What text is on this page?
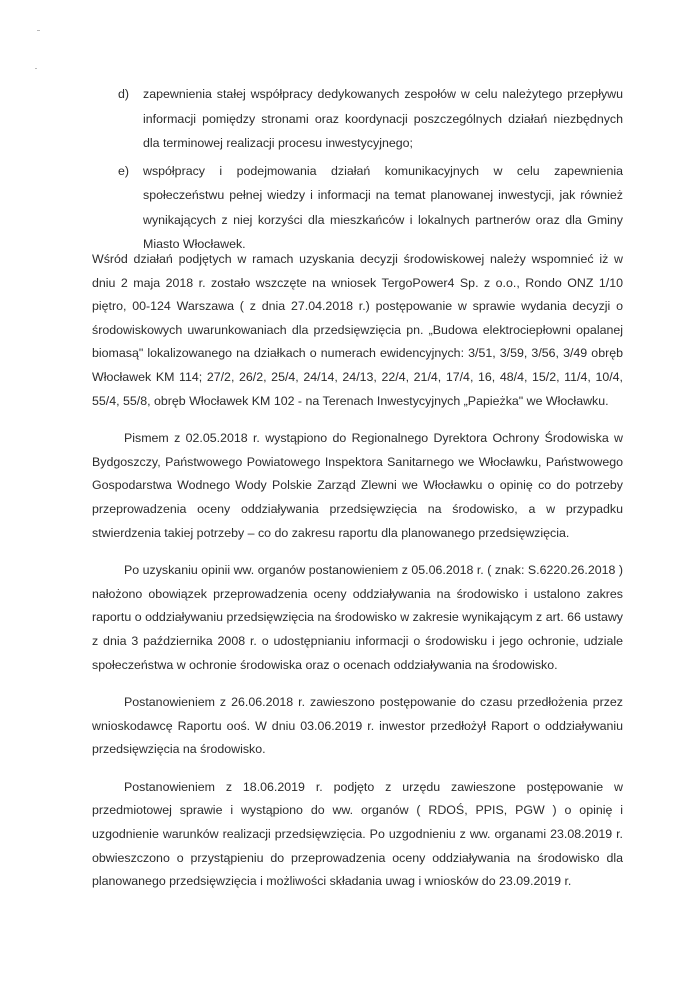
d) zapewnienia stałej współpracy dedykowanych zespołów w celu należytego przepływu informacji pomiędzy stronami oraz koordynacji poszczególnych działań niezbędnych dla terminowej realizacji procesu inwestycyjnego;
e) współpracy i podejmowania działań komunikacyjnych w celu zapewnienia społeczeństwu pełnej wiedzy i informacji na temat planowanej inwestycji, jak również wynikających z niej korzyści dla mieszkańców i lokalnych partnerów oraz dla Gminy Miasto Włocławek.

Wśród działań podjętych w ramach uzyskania decyzji środowiskowej należy wspomnieć iż w dniu 2 maja 2018 r. zostało wszczęte na wniosek TergoPower4 Sp. z o.o., Rondo ONZ 1/10 piętro, 00-124 Warszawa ( z dnia 27.04.2018 r.) postępowanie w sprawie wydania decyzji o środowiskowych uwarunkowaniach dla przedsięwzięcia pn. „Budowa elektrociepłowni opalanej biomasą" lokalizowanego na działkach o numerach ewidencyjnych: 3/51, 3/59, 3/56, 3/49 obręb Włocławek KM 114; 27/2, 26/2, 25/4, 24/14, 24/13, 22/4, 21/4, 17/4, 16, 48/4, 15/2, 11/4, 10/4, 55/4, 55/8, obręb Włocławek KM 102 - na Terenach Inwestycyjnych „Papieżka" we Włocławku.

Pismem z 02.05.2018 r. wystąpiono do Regionalnego Dyrektora Ochrony Środowiska w Bydgoszczy, Państwowego Powiatowego Inspektora Sanitarnego we Włocławku, Państwowego Gospodarstwa Wodnego Wody Polskie Zarząd Zlewni we Włocławku o opinię co do potrzeby przeprowadzenia oceny oddziaływania przedsięwzięcia na środowisko, a w przypadku stwierdzenia takiej potrzeby – co do zakresu raportu dla planowanego przedsięwzięcia.

Po uzyskaniu opinii ww. organów postanowieniem z 05.06.2018 r. ( znak: S.6220.26.2018 ) nałożono obowiązek przeprowadzenia oceny oddziaływania na środowisko i ustalono zakres raportu o oddziaływaniu przedsięwzięcia na środowisko w zakresie wynikającym z art. 66 ustawy z dnia 3 października 2008 r. o udostępnianiu informacji o środowisku i jego ochronie, udziale społeczeństwa w ochronie środowiska oraz o ocenach oddziaływania na środowisko.

Postanowieniem z 26.06.2018 r. zawieszono postępowanie do czasu przedłożenia przez wnioskodawcę Raportu ooś. W dniu 03.06.2019 r. inwestor przedłożył Raport o oddziaływaniu przedsięwzięcia na środowisko.

Postanowieniem z 18.06.2019 r. podjęto z urzędu zawieszone postępowanie w przedmiotowej sprawie i wystąpiono do ww. organów ( RDOŚ, PPIS, PGW ) o opinię i uzgodnienie warunków realizacji przedsięwzięcia. Po uzgodnieniu z ww. organami 23.08.2019 r. obwieszczono o przystąpieniu do przeprowadzenia oceny oddziaływania na środowisko dla planowanego przedsięwzięcia i możliwości składania uwag i wniosków do 23.09.2019 r.
